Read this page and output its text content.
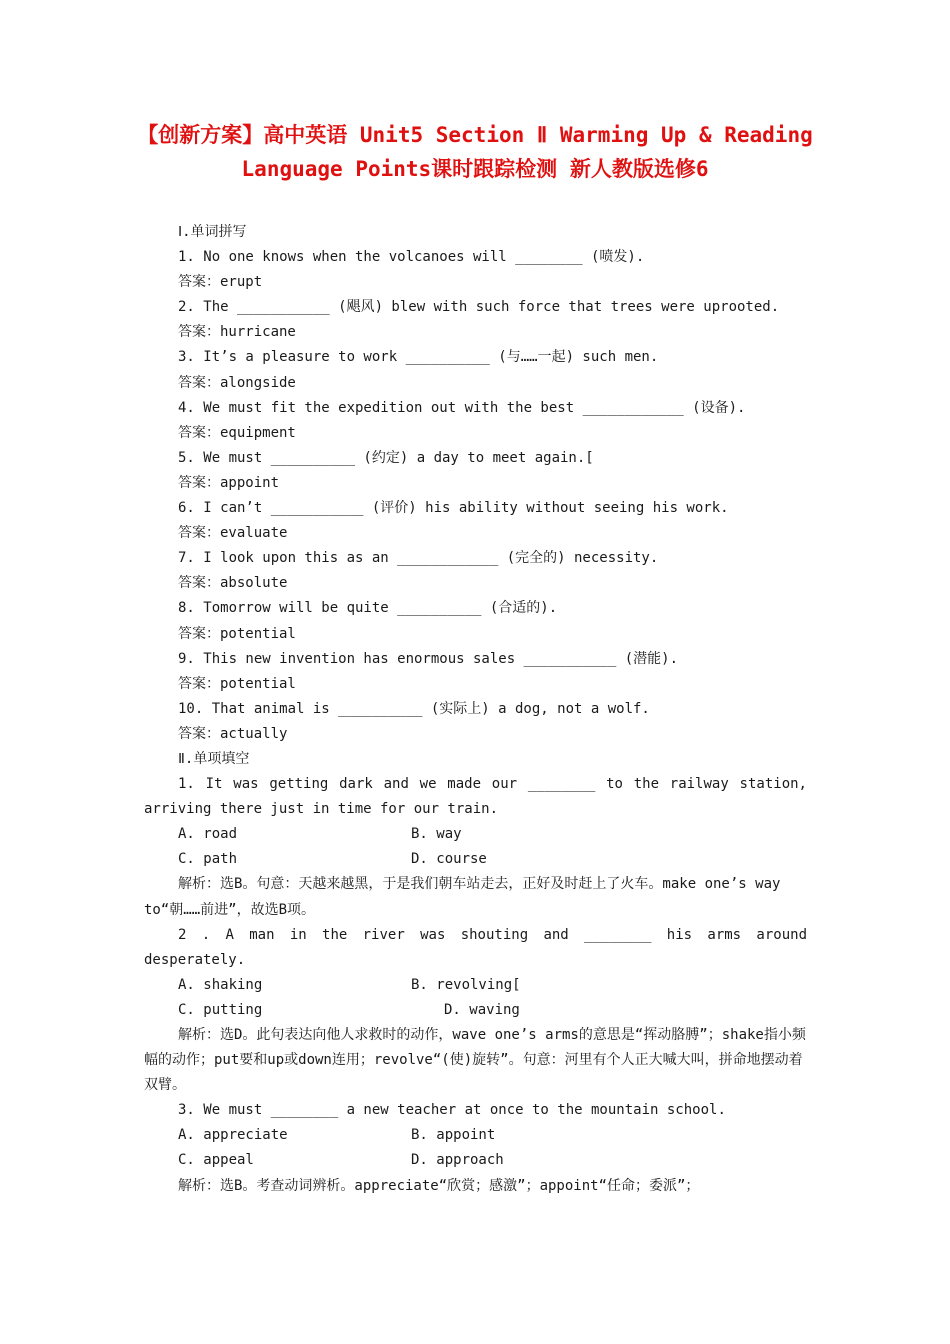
【创新方案】高中英语 Unit5 Section Ⅱ Warming Up & Reading Language Points课时跟踪检测 新人教版选修6

Ⅰ.单词拼写

1. No one knows when the volcanoes will ________ (喷发).

答案：erupt

2. The ___________ (飓风) blew with such force that trees were uprooted.

答案：hurricane

3. It’s a pleasure to work __________ (与……一起) such men.

答案：alongside

4. We must fit the expedition out with the best ____________ (设备).

答案：equipment

5. We must __________ (约定) a day to meet again.[

答案：appoint

6. I can’t ___________ (评价) his ability without seeing his work.

答案：evaluate

7. I look upon this as an ____________ (完全的) necessity.

答案：absolute

8. Tomorrow will be quite __________ (合适的).

答案：potential

9. This new invention has enormous sales ___________ (潜能).

答案：potential

10. That animal is __________ (实际上) a dog, not a wolf.

答案：actually

Ⅱ.单项填空

1. It was getting dark and we made our ________ to the railway station, arriving there just in time for our train.

A. road	B. way
C. path	D. course

解析：选B。句意：天越来越黑，于是我们朝车站走去，正好及时赶上了火车。make one’s way to“朝……前进”，故选B项。

2 . A man in the river was shouting and ________ his arms around desperately.

A. shaking	B. revolving[
C. putting	D. waving

解析：选D。此句表达向他人求救时的动作，wave one’s arms的意思是“挥动胳膊”；shake指小频幅的动作；put要和up或down连用；revolve“(使)旋转”。句意：河里有个人正大喊大叫，拼命地摆动着双臂。

3. We must ________ a new teacher at once to the mountain school.

A. appreciate	B. appoint
C. appeal	D. approach

解析：选B。考查动词辨析。appreciate“欣赏；感激”；appoint“任命；委派”；
